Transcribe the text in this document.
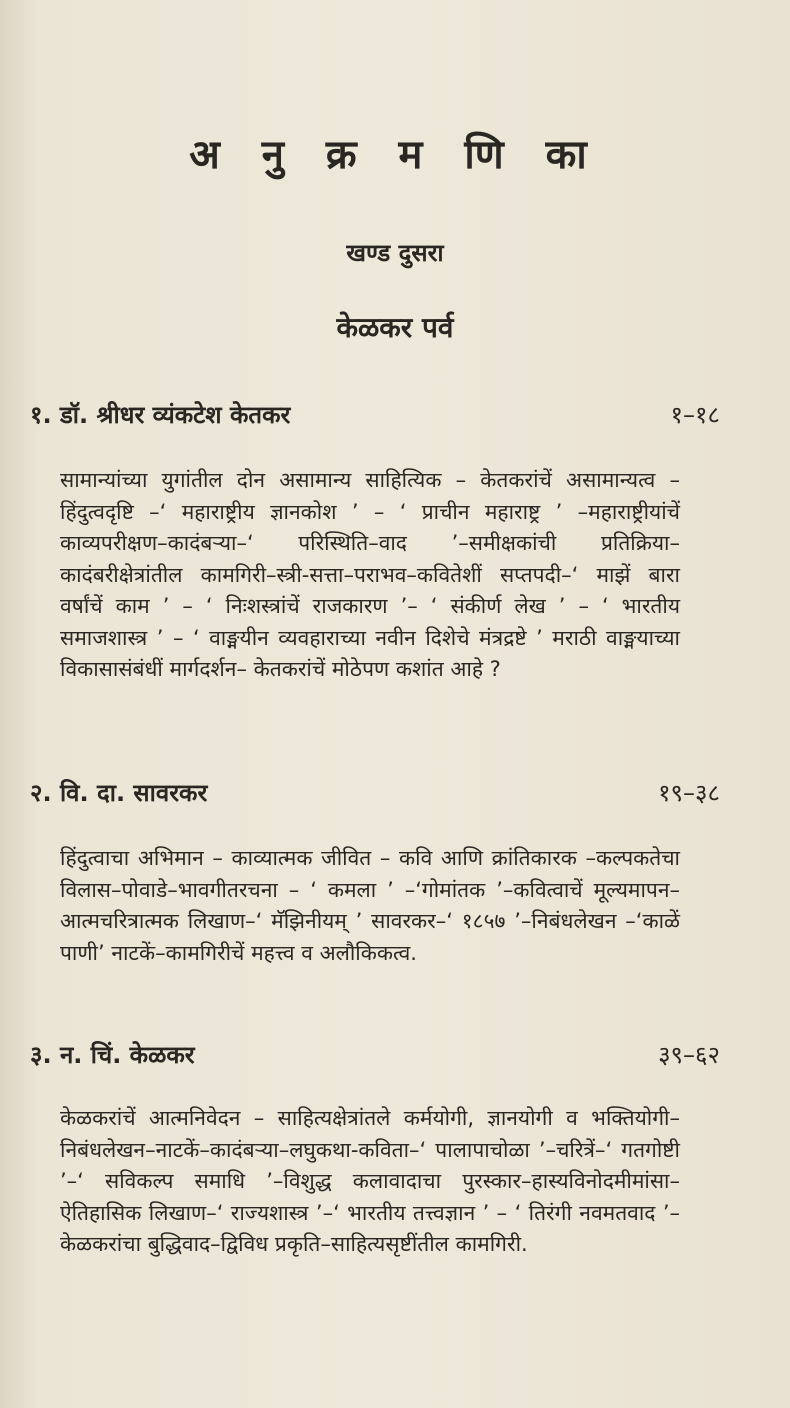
अ नु क्र म णि का
खण्ड दुसरा
केळकर पर्व
१. डॉ. श्रीधर व्यंकटेश केतकर	१–१८
सामान्यांच्या युगांतील दोन असामान्य साहित्यिक – केतकरांचें असामान्यत्व – हिंदुत्वदृष्टि –‘ महाराष्ट्रीय ज्ञानकोश ’ – ‘ प्राचीन महाराष्ट्र ’ –महाराष्ट्रीयांचें काव्यपरीक्षण–कादंबऱ्या–‘ परिस्थिति–वाद ’–समीक्षकांची प्रतिक्रिया–कादंबरीक्षेत्रांतील कामगिरी–स्त्री-सत्ता–पराभव–कवितेशीं सप्तपदी–‘ माझें बारा वर्षांचें काम ’ – ‘ निःशस्त्रांचें राजकारण ’– ‘ संकीर्ण लेख ’ – ‘ भारतीय समाजशास्त्र ’ – ‘ वाङ्मयीन व्यवहाराच्या नवीन दिशेचे मंत्रद्रष्टे ’ मराठी वाङ्मयाच्या विकासासंबंधीं मार्गदर्शन– केतकरांचें मोठेपण कशांत आहे ?
२. वि. दा. सावरकर	१९–३८
हिंदुत्वाचा अभिमान – काव्यात्मक जीवित – कवि आणि क्रांतिकारक –कल्पकतेचा विलास–पोवाडे–भावगीतरचना – ‘ कमला ’ –‘गोमांतक ’–कवित्वाचें मूल्यमापन–आत्मचरित्रात्मक लिखाण–‘ मॅझिनीयम् ’ सावरकर–‘ १८५७ ’–निबंधलेखन –‘काळें पाणी’ नाटकें–कामगिरीचें महत्त्व व अलौकिकत्व.
३. न. चिं. केळकर	३९–६२
केळकरांचें आत्मनिवेदन – साहित्यक्षेत्रांतले कर्मयोगी, ज्ञानयोगी व भक्तियोगी–निबंधलेखन–नाटकें–कादंबऱ्या–लघुकथा-कविता–‘ पालापाचोळा ’–चरित्रें–‘ गतगोष्टी ’–‘ सविकल्प समाधि ’–विशुद्ध कलावादाचा पुरस्कार–हास्यविनोदमीमांसा–ऐतिहासिक लिखाण–‘ राज्यशास्त्र ’–‘ भारतीय तत्त्वज्ञान ’ – ‘ तिरंगी नवमतवाद ’– केळकरांचा बुद्धिवाद–द्विविध प्रकृति–साहित्यसृष्टींतील कामगिरी.
